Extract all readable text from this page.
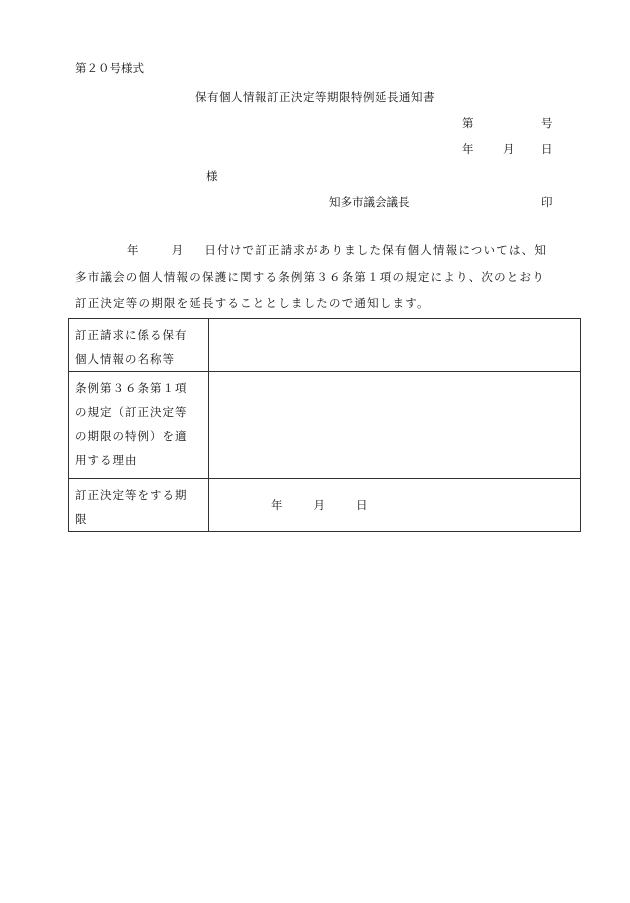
第２０号様式
保有個人情報訂正決定等期限特例延長通知書
第	号
年	月 日
様
知多市議会議長	印

年	月 日付けで訂正請求がありました保有個人情報については、知

多市議会の個人情報の保護に関する条例第３６条第１項の規定により、次のとおり

訂正決定等の期限を延長することとしましたので通知します。

訂正請求に係る保有
個人情報の名称等	

条例第３６条第１項
の規定（訂正決定等
の期限の特例）を適
用する理由	

訂正決定等をする期
限	年 月 日
